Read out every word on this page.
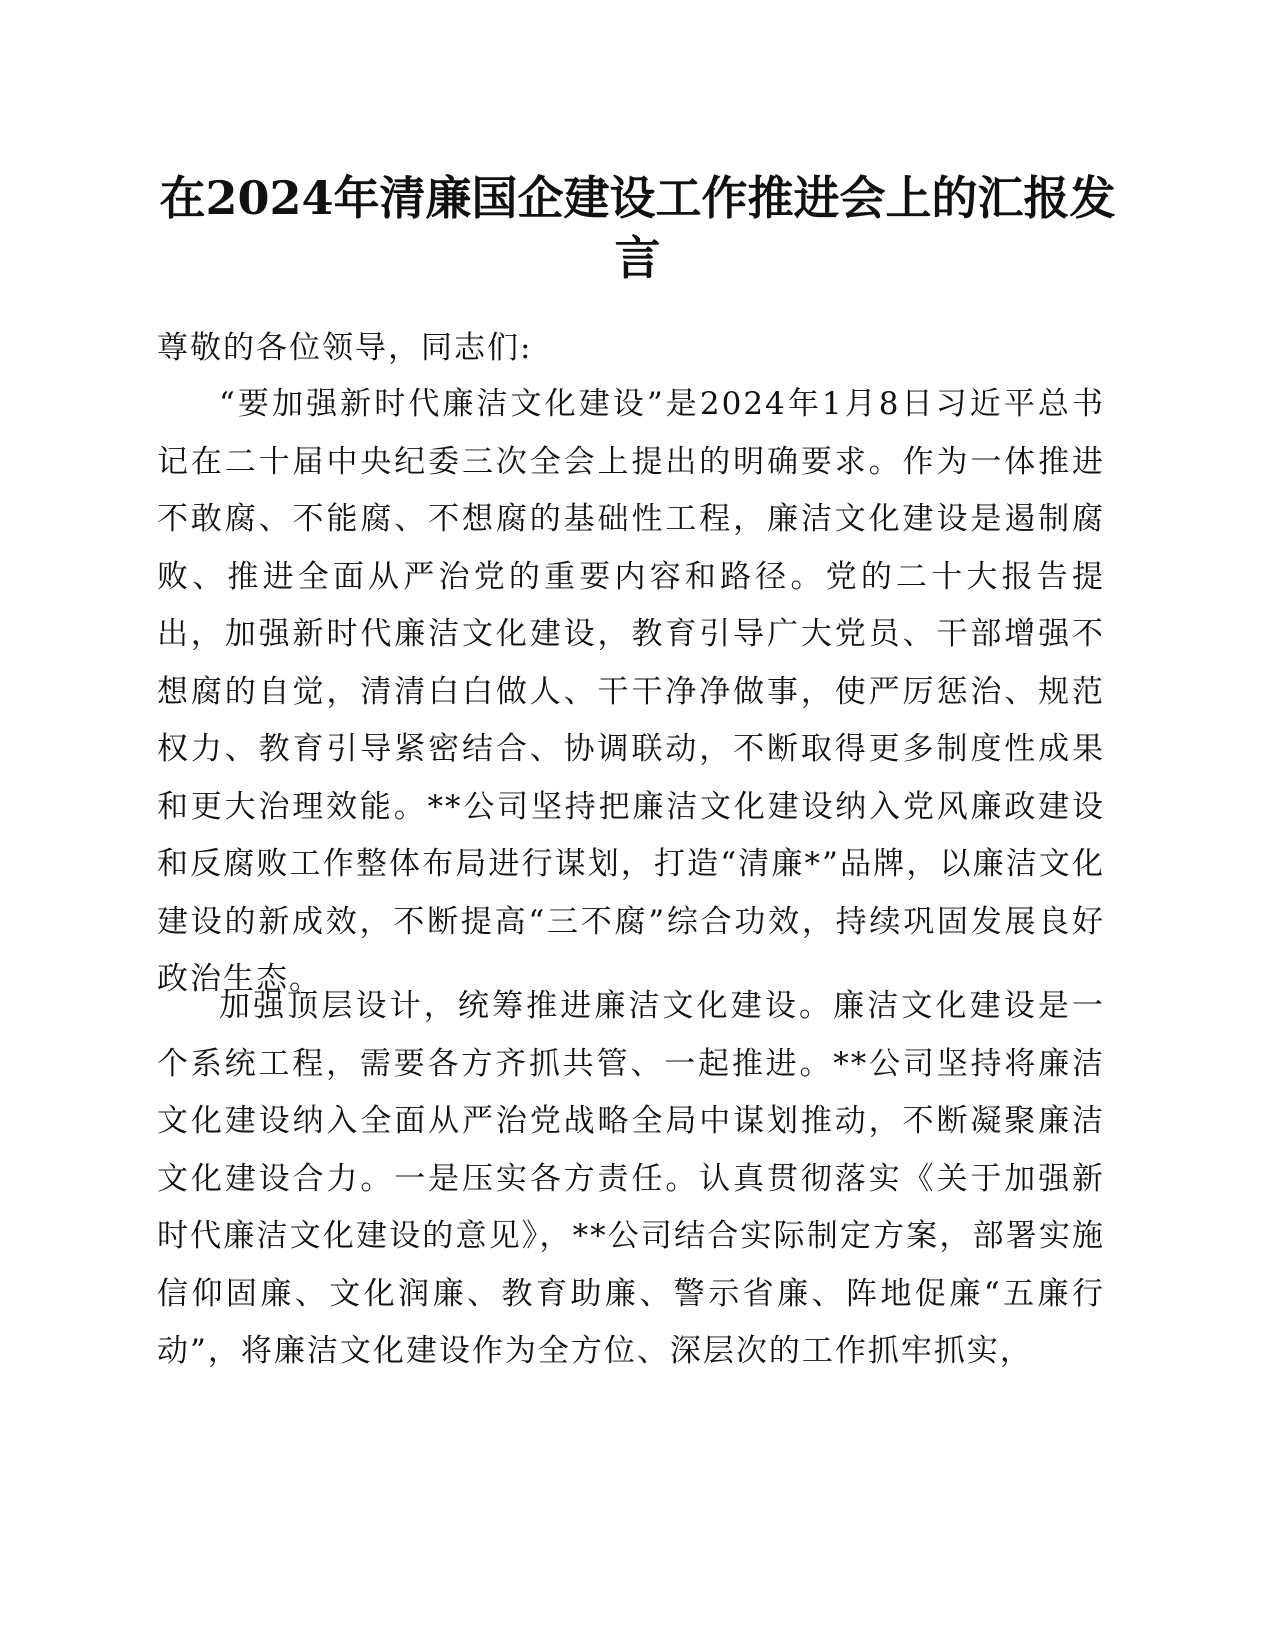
在2024年清廉国企建设工作推进会上的汇报发言

尊敬的各位领导，同志们:

“要加强新时代廉洁文化建设”是2024年1月8日习近平总书记在二十届中央纪委三次全会上提出的明确要求。作为一体推进不敢腐、不能腐、不想腐的基础性工程，廉洁文化建设是遏制腐败、推进全面从严治党的重要内容和路径。党的二十大报告提出，加强新时代廉洁文化建设，教育引导广大党员、干部增强不想腐的自觉，清清白白做人、干干净净做事，使严厉惩治、规范权力、教育引导紧密结合、协调联动，不断取得更多制度性成果和更大治理效能。**公司坚持把廉洁文化建设纳入党风廉政建设和反腐败工作整体布局进行谋划，打造“清廉*”品牌，以廉洁文化建设的新成效，不断提高“三不腐”综合功效，持续巩固发展良好政治生态。

加强顶层设计，统筹推进廉洁文化建设。廉洁文化建设是一个系统工程，需要各方齐抓共管、一起推进。**公司坚持将廉洁文化建设纳入全面从严治党战略全局中谋划推动，不断凝聚廉洁文化建设合力。一是压实各方责任。认真贯彻落实《关于加强新时代廉洁文化建设的意见》，**公司结合实际制定方案，部署实施信仰固廉、文化润廉、教育助廉、警示省廉、阵地促廉“五廉行动”，将廉洁文化建设作为全方位、深层次的工作抓牢抓实，
